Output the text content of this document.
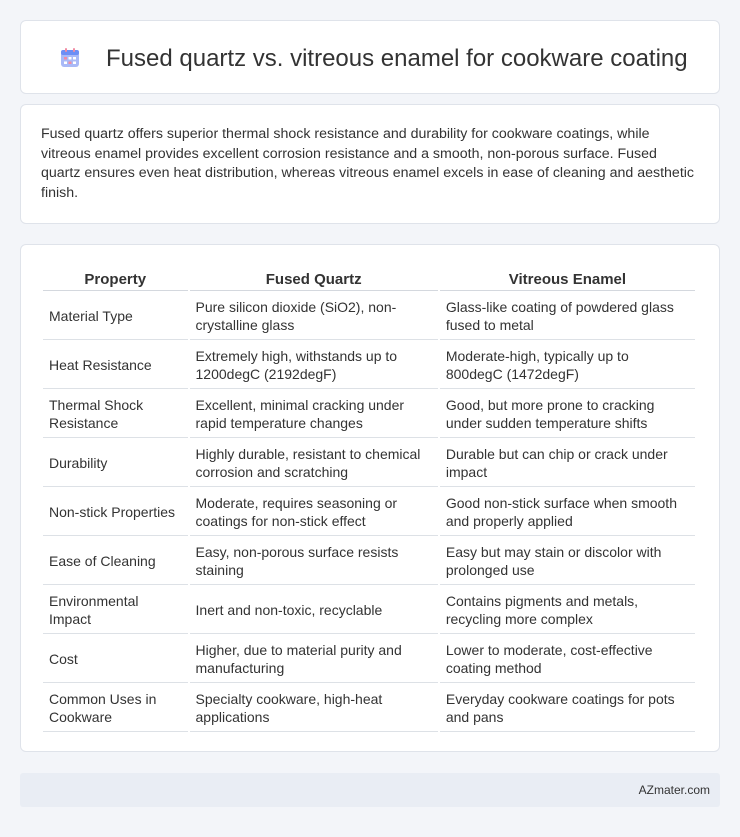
Fused quartz vs. vitreous enamel for cookware coating

Fused quartz offers superior thermal shock resistance and durability for cookware coatings, while vitreous enamel provides excellent corrosion resistance and a smooth, non-porous surface. Fused quartz ensures even heat distribution, whereas vitreous enamel excels in ease of cleaning and aesthetic finish.

Property	Fused Quartz	Vitreous Enamel
Material Type	Pure silicon dioxide (SiO2), non-crystalline glass	Glass-like coating of powdered glass fused to metal
Heat Resistance	Extremely high, withstands up to 1200degC (2192degF)	Moderate-high, typically up to 800degC (1472degF)
Thermal Shock Resistance	Excellent, minimal cracking under rapid temperature changes	Good, but more prone to cracking under sudden temperature shifts
Durability	Highly durable, resistant to chemical corrosion and scratching	Durable but can chip or crack under impact
Non-stick Properties	Moderate, requires seasoning or coatings for non-stick effect	Good non-stick surface when smooth and properly applied
Ease of Cleaning	Easy, non-porous surface resists staining	Easy but may stain or discolor with prolonged use
Environmental Impact	Inert and non-toxic, recyclable	Contains pigments and metals, recycling more complex
Cost	Higher, due to material purity and manufacturing	Lower to moderate, cost-effective coating method
Common Uses in Cookware	Specialty cookware, high-heat applications	Everyday cookware coatings for pots and pans
AZmater.com
